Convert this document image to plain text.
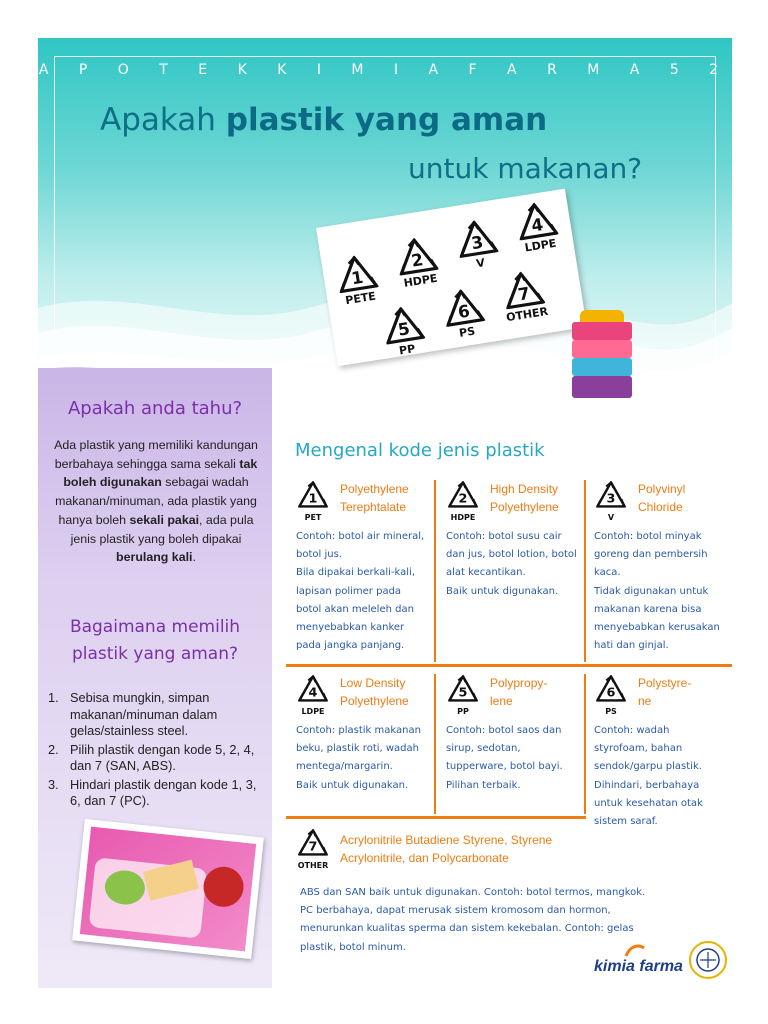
A P O T E K K I M I A F A R M A 5 2
Apakah plastik yang aman
untuk makanan?
1
PETE
2
HDPE
3
V
4
LDPE
5
PP
6
PS
7
OTHER
Apakah anda tahu?
Ada plastik yang memiliki kandungan berbahaya sehingga sama sekali tak boleh digunakan sebagai wadah makanan/minuman, ada plastik yang hanya boleh sekali pakai, ada pula jenis plastik yang boleh dipakai berulang kali.
Bagaimana memilih
plastik yang aman?
1. Sebisa mungkin, simpan makanan/minuman dalam gelas/stainless steel.
2. Pilih plastik dengan kode 5, 2, 4, dan 7 (SAN, ABS).
3. Hindari plastik dengan kode 1, 3, 6, dan 7 (PC).
Mengenal kode jenis plastik
1
PET
Polyethylene
Terephtalate
Contoh: botol air mineral,
botol jus.
Bila dipakai berkali-kali,
lapisan polimer pada
botol akan meleleh dan
menyebabkan kanker
pada jangka panjang.
2
HDPE
High Density
Polyethylene
Contoh: botol susu cair
dan jus, botol lotion, botol
alat kecantikan.
Baik untuk digunakan.
3
V
Polyvinyl
Chloride
Contoh: botol minyak
goreng dan pembersih
kaca.
Tidak digunakan untuk
makanan karena bisa
menyebabkan kerusakan
hati dan ginjal.
4
LDPE
Low Density
Polyethylene
Contoh: plastik makanan
beku, plastik roti, wadah
mentega/margarin.
Baik untuk digunakan.
5
PP
Polypropy-
lene
Contoh: botol saos dan
sirup, sedotan,
tupperware, botol bayi.
Pilihan terbaik.
6
PS
Polystyre-
ne
Contoh: wadah
styrofoam, bahan
sendok/garpu plastik.
Dihindari, berbahaya
untuk kesehatan otak
sistem saraf.
7
OTHER
Acrylonitrile Butadiene Styrene, Styrene
Acrylonitrile, dan Polycarbonate
ABS dan SAN baik untuk digunakan. Contoh: botol termos, mangkok.
PC berbahaya, dapat merusak sistem kromosom dan hormon,
menurunkan kualitas sperma dan sistem kekebalan. Contoh: gelas
plastik, botol minum.
kimia farma
